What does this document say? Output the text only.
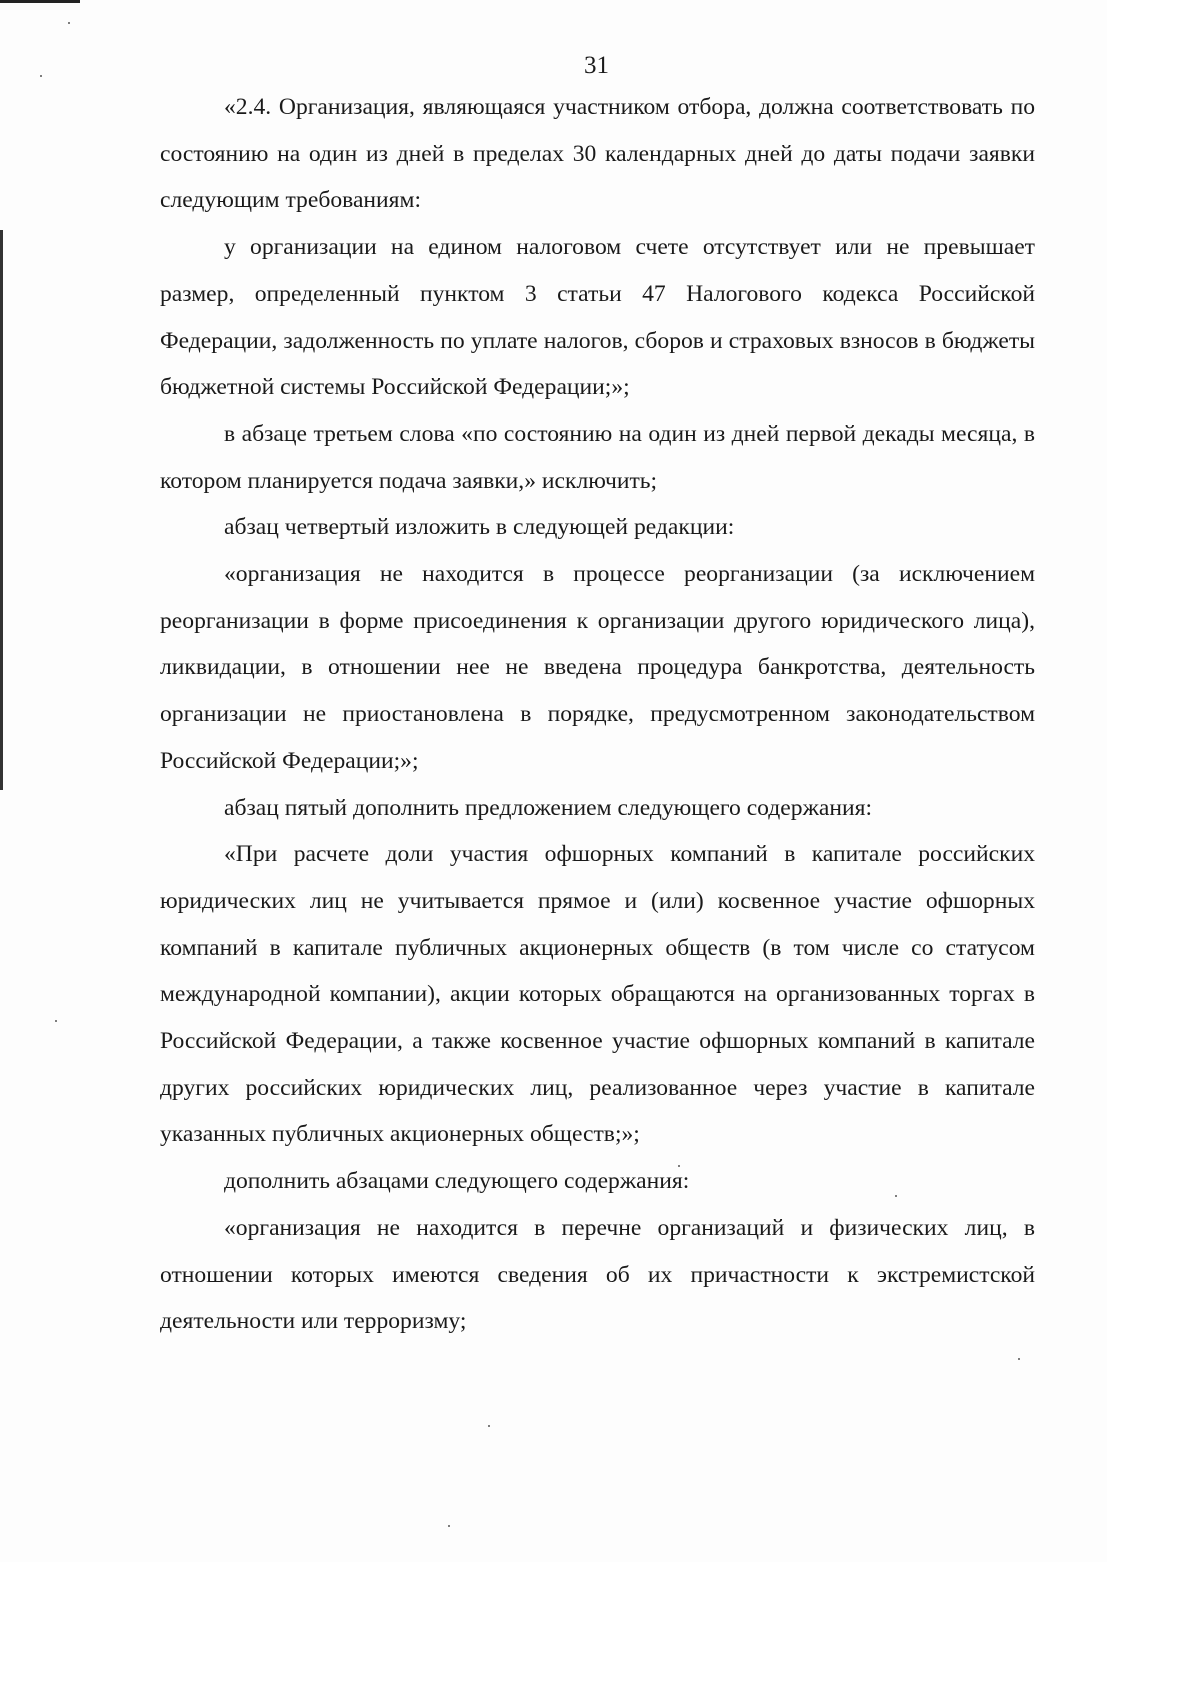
31

«2.4. Организация, являющаяся участником отбора, должна соответствовать по состоянию на один из дней в пределах 30 календарных дней до даты подачи заявки следующим требованиям:

у организации на едином налоговом счете отсутствует или не превышает размер, определенный пунктом 3 статьи 47 Налогового кодекса Российской Федерации, задолженность по уплате налогов, сборов и страховых взносов в бюджеты бюджетной системы Российской Федерации;»;

в абзаце третьем слова «по состоянию на один из дней первой декады месяца, в котором планируется подача заявки,» исключить;

абзац четвертый изложить в следующей редакции:

«организация не находится в процессе реорганизации (за исключением реорганизации в форме присоединения к организации другого юридического лица), ликвидации, в отношении нее не введена процедура банкротства, деятельность организации не приостановлена в порядке, предусмотренном законодательством Российской Федерации;»;

абзац пятый дополнить предложением следующего содержания:

«При расчете доли участия офшорных компаний в капитале российских юридических лиц не учитывается прямое и (или) косвенное участие офшорных компаний в капитале публичных акционерных обществ (в том числе со статусом международной компании), акции которых обращаются на организованных торгах в Российской Федерации, а также косвенное участие офшорных компаний в капитале других российских юридических лиц, реализованное через участие в капитале указанных публичных акционерных обществ;»;

дополнить абзацами следующего содержания:

«организация не находится в перечне организаций и физических лиц, в отношении которых имеются сведения об их причастности к экстремистской деятельности или терроризму;
